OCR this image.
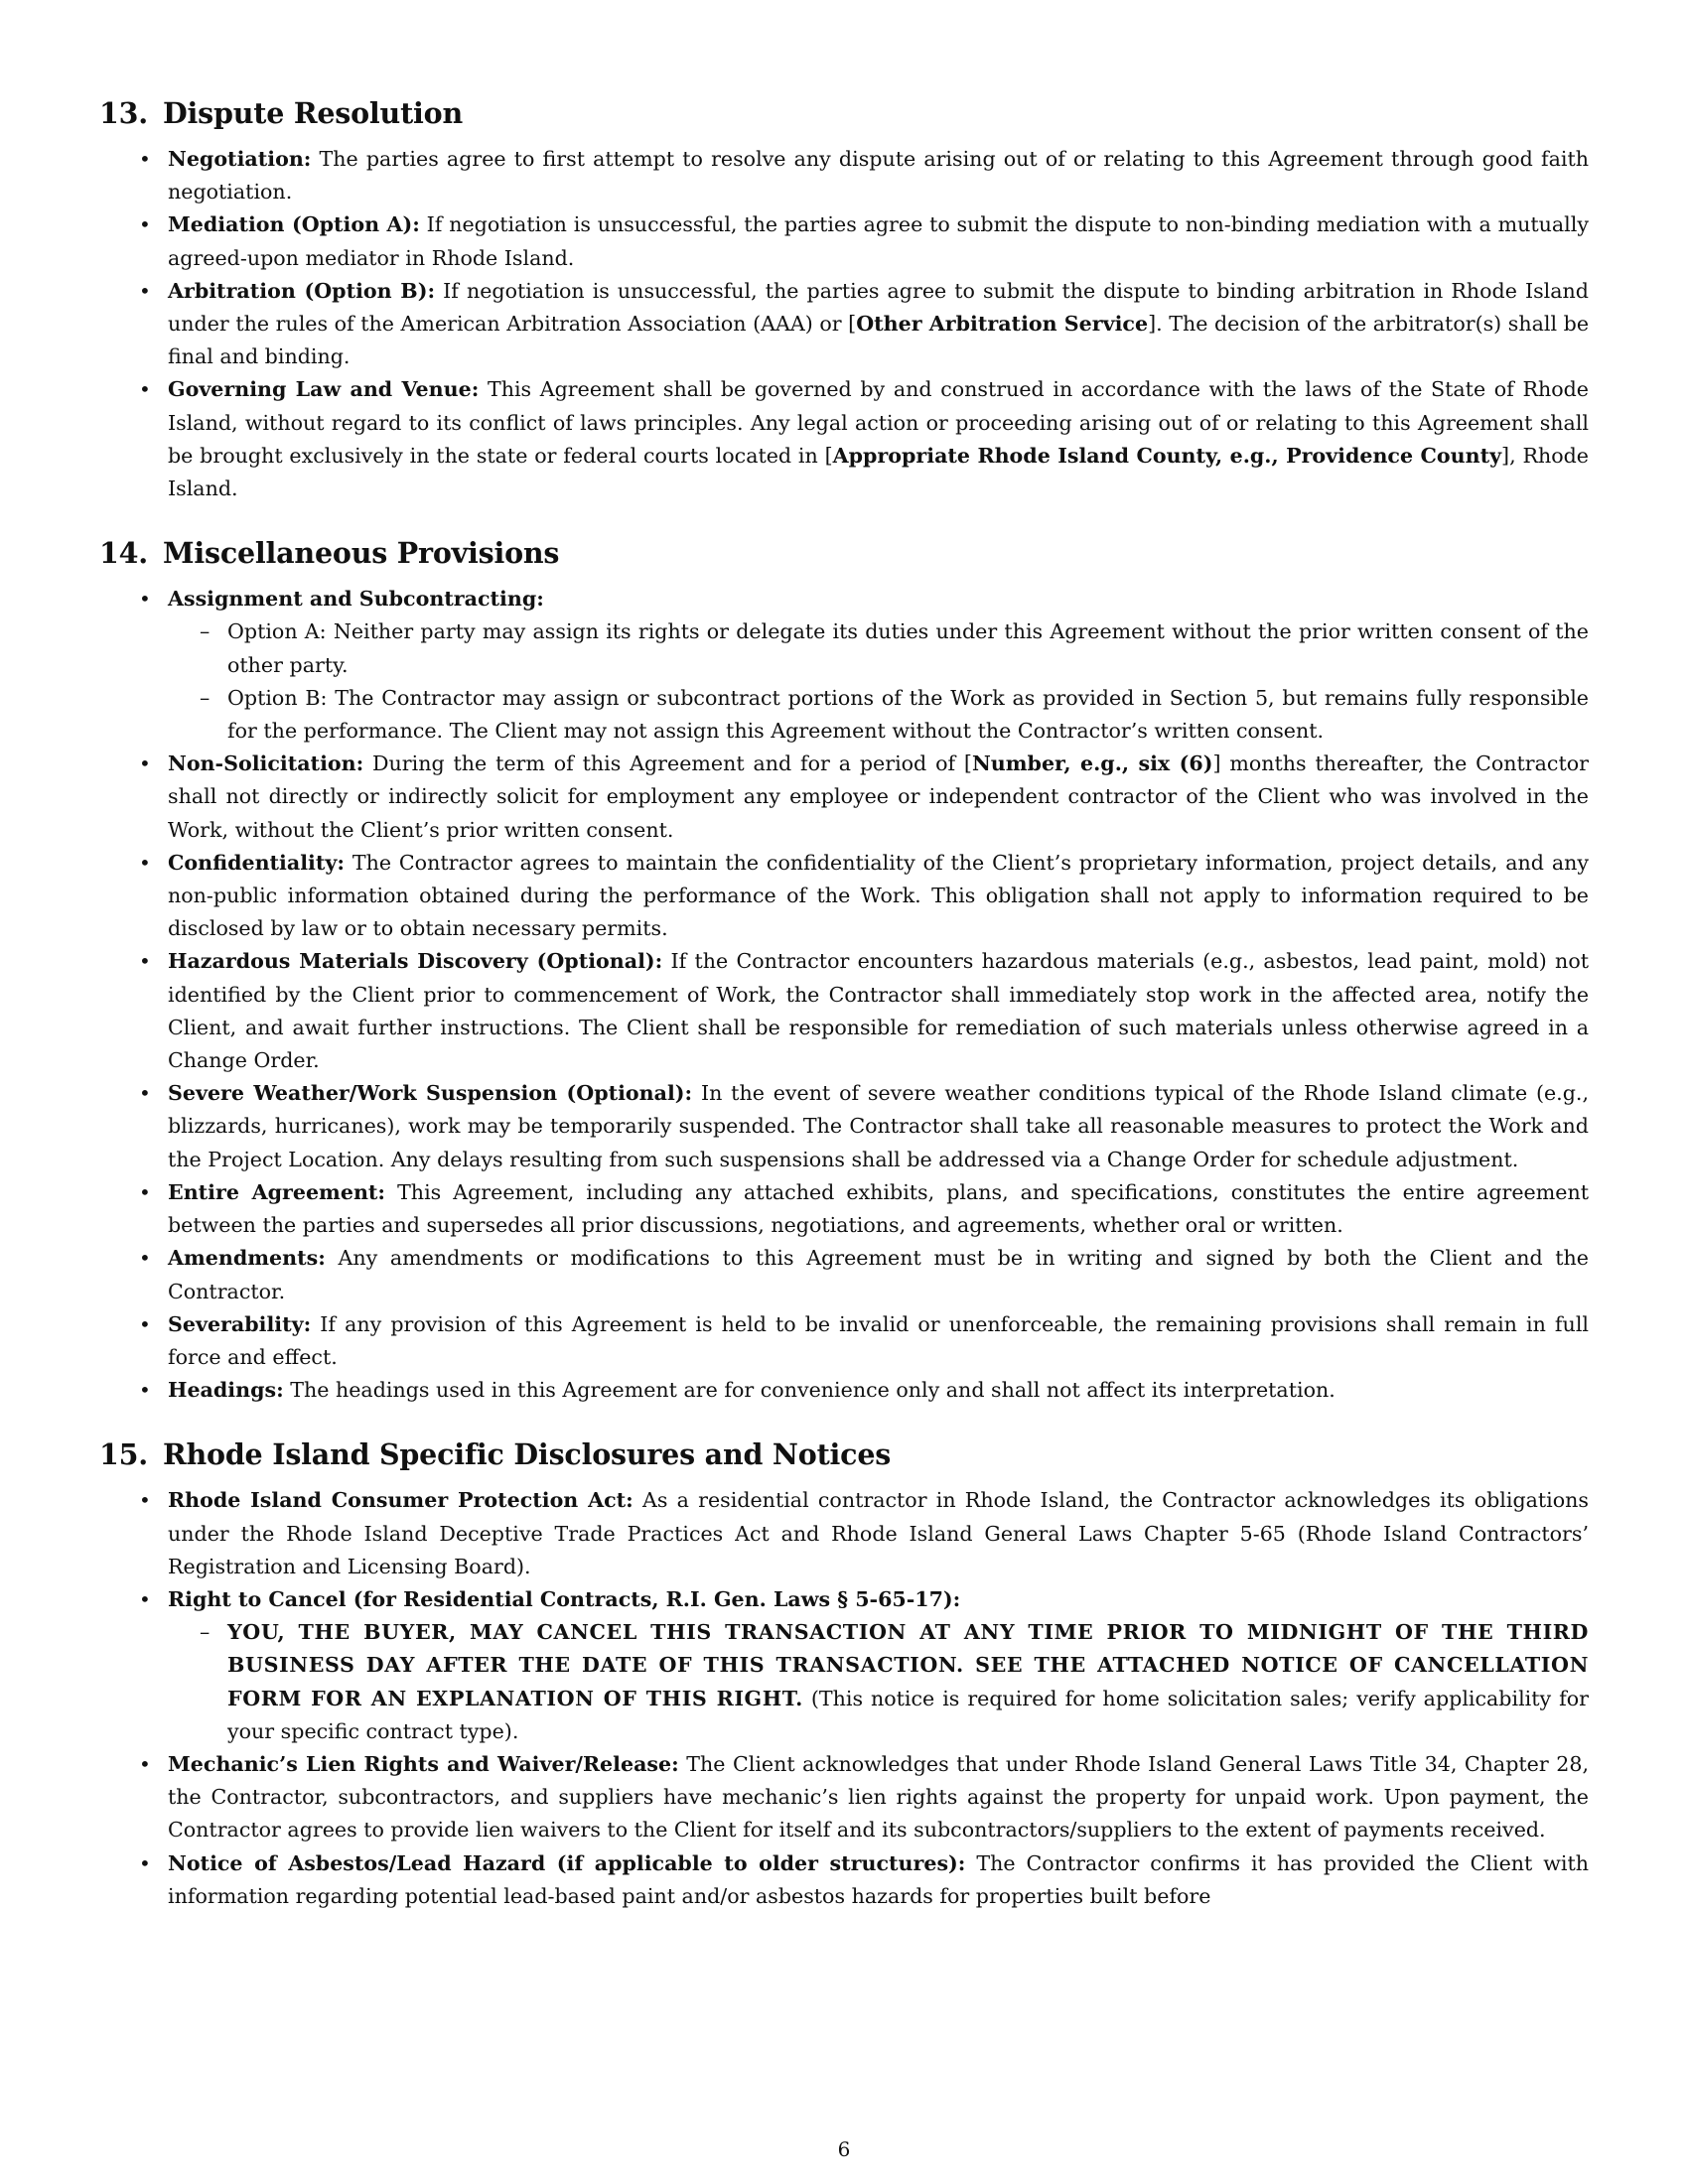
13. Dispute Resolution
• Negotiation: The parties agree to first attempt to resolve any dispute arising out of or relating to this Agreement through good faith negotiation.
• Mediation (Option A): If negotiation is unsuccessful, the parties agree to submit the dispute to non-binding mediation with a mutually agreed-upon mediator in Rhode Island.
• Arbitration (Option B): If negotiation is unsuccessful, the parties agree to submit the dispute to binding arbitration in Rhode Island under the rules of the American Arbitration Association (AAA) or [Other Arbitration Service]. The decision of the arbitrator(s) shall be final and binding.
• Governing Law and Venue: This Agreement shall be governed by and construed in accordance with the laws of the State of Rhode Island, without regard to its conflict of laws principles. Any legal action or proceeding arising out of or relating to this Agreement shall be brought exclusively in the state or federal courts located in [Appropriate Rhode Island County, e.g., Providence County], Rhode Island.
14. Miscellaneous Provisions
• Assignment and Subcontracting:
– Option A: Neither party may assign its rights or delegate its duties under this Agreement without the prior written consent of the other party.
– Option B: The Contractor may assign or subcontract portions of the Work as provided in Section 5, but remains fully responsible for the performance. The Client may not assign this Agreement without the Contractor’s written consent.
• Non-Solicitation: During the term of this Agreement and for a period of [Number, e.g., six (6)] months thereafter, the Contractor shall not directly or indirectly solicit for employment any employee or independent contractor of the Client who was involved in the Work, without the Client’s prior written consent.
• Confidentiality: The Contractor agrees to maintain the confidentiality of the Client’s proprietary information, project details, and any non-public information obtained during the performance of the Work. This obligation shall not apply to information required to be disclosed by law or to obtain necessary permits.
• Hazardous Materials Discovery (Optional): If the Contractor encounters hazardous materials (e.g., asbestos, lead paint, mold) not identified by the Client prior to commencement of Work, the Contractor shall immediately stop work in the affected area, notify the Client, and await further instructions. The Client shall be responsible for remediation of such materials unless otherwise agreed in a Change Order.
• Severe Weather/Work Suspension (Optional): In the event of severe weather conditions typical of the Rhode Island climate (e.g., blizzards, hurricanes), work may be temporarily suspended. The Contractor shall take all reasonable measures to protect the Work and the Project Location. Any delays resulting from such suspensions shall be addressed via a Change Order for schedule adjustment.
• Entire Agreement: This Agreement, including any attached exhibits, plans, and specifications, constitutes the entire agreement between the parties and supersedes all prior discussions, negotiations, and agreements, whether oral or written.
• Amendments: Any amendments or modifications to this Agreement must be in writing and signed by both the Client and the Contractor.
• Severability: If any provision of this Agreement is held to be invalid or unenforceable, the remaining provisions shall remain in full force and effect.
• Headings: The headings used in this Agreement are for convenience only and shall not affect its interpretation.
15. Rhode Island Specific Disclosures and Notices
• Rhode Island Consumer Protection Act: As a residential contractor in Rhode Island, the Contractor acknowledges its obligations under the Rhode Island Deceptive Trade Practices Act and Rhode Island General Laws Chapter 5-65 (Rhode Island Contractors’ Registration and Licensing Board).
• Right to Cancel (for Residential Contracts, R.I. Gen. Laws § 5-65-17):
– YOU, THE BUYER, MAY CANCEL THIS TRANSACTION AT ANY TIME PRIOR TO MIDNIGHT OF THE THIRD BUSINESS DAY AFTER THE DATE OF THIS TRANSACTION. SEE THE ATTACHED NOTICE OF CANCELLATION FORM FOR AN EXPLANATION OF THIS RIGHT. (This notice is required for home solicitation sales; verify applicability for your specific contract type).
• Mechanic’s Lien Rights and Waiver/Release: The Client acknowledges that under Rhode Island General Laws Title 34, Chapter 28, the Contractor, subcontractors, and suppliers have mechanic’s lien rights against the property for unpaid work. Upon payment, the Contractor agrees to provide lien waivers to the Client for itself and its subcontractors/suppliers to the extent of payments received.
• Notice of Asbestos/Lead Hazard (if applicable to older structures): The Contractor confirms it has provided the Client with information regarding potential lead-based paint and/or asbestos hazards for properties built before
6
